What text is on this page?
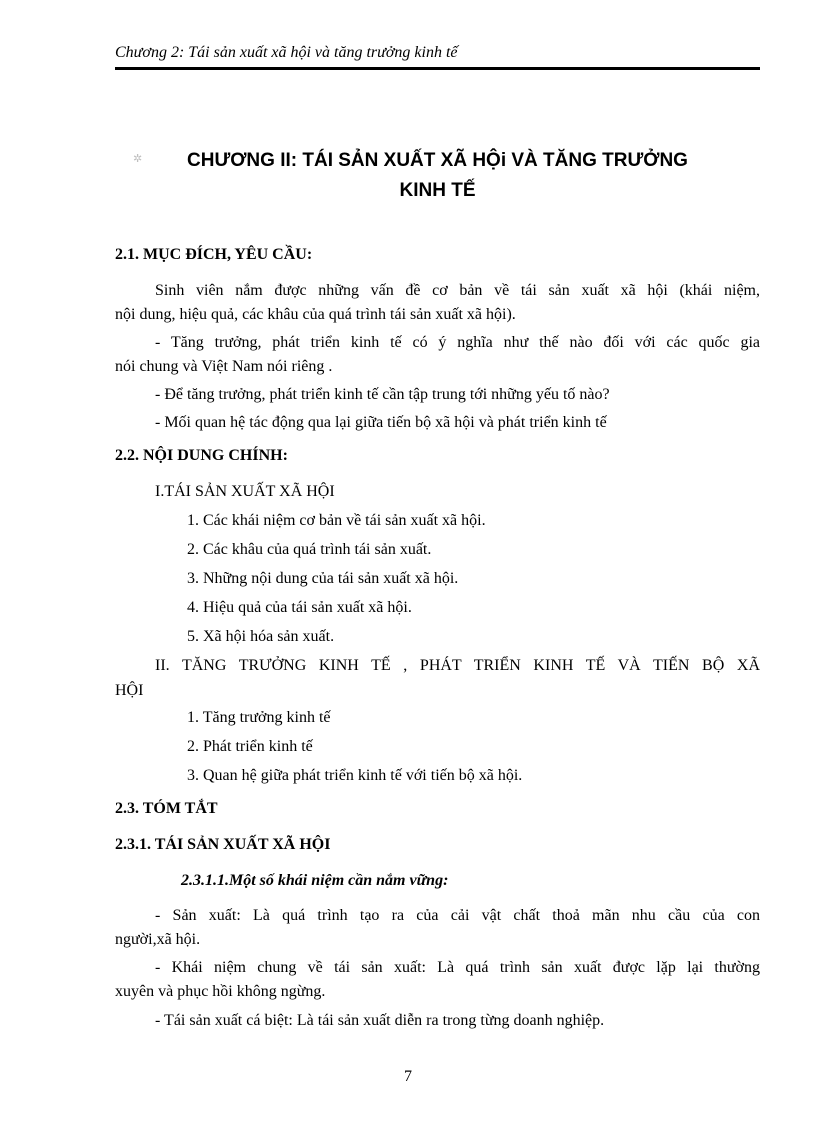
Chương 2: Tái sản xuất xã hội và tăng trưởng kinh tế
✲	CHƯƠNG II: TÁI SẢN XUẤT XÃ HỘi VÀ TĂNG TRƯỞNG
KINH TẾ
2.1. MỤC ĐÍCH, YÊU CẦU:
Sinh viên nắm được những vấn đề cơ bản về tái sản xuất xã hội (khái niệm,
nội dung, hiệu quả, các khâu của quá trình tái sản xuất xã hội).
- Tăng trưởng, phát triển kinh tế có ý nghĩa như thế nào đối với các quốc gia
nói chung và Việt Nam nói riêng .
- Để tăng trưởng, phát triển kinh tế cần tập trung tới những yếu tố nào?
- Mối quan hệ tác động qua lại giữa tiến bộ xã hội và phát triển kinh tế
2.2. NỘI DUNG CHÍNH:
I.TÁI SẢN XUẤT XÃ HỘI
1. Các khái niệm cơ bản về tái sản xuất xã hội.
2. Các khâu của quá trình tái sản xuất.
3. Những nội dung của tái sản xuất xã hội.
4. Hiệu quả của tái sản xuất xã hội.
5. Xã hội hóa sản xuất.
II. TĂNG TRƯỞNG KINH TẾ , PHÁT TRIỂN KINH TẾ VÀ TIẾN BỘ XÃ
HỘI
1. Tăng trưởng kinh tế
2. Phát triển kinh tế
3. Quan hệ giữa phát triển kinh tế với tiến bộ xã hội.
2.3. TÓM TẮT
2.3.1. TÁI SẢN XUẤT XÃ HỘI
2.3.1.1.Một số khái niệm cần nắm vững:
- Sản xuất: Là quá trình tạo ra của cải vật chất thoả mãn nhu cầu của con
người,xã hội.
- Khái niệm chung về tái sản xuất: Là quá trình sản xuất được lặp lại thường
xuyên và phục hồi không ngừng.
- Tái sản xuất cá biệt: Là tái sản xuất diễn ra trong từng doanh nghiệp.
7
